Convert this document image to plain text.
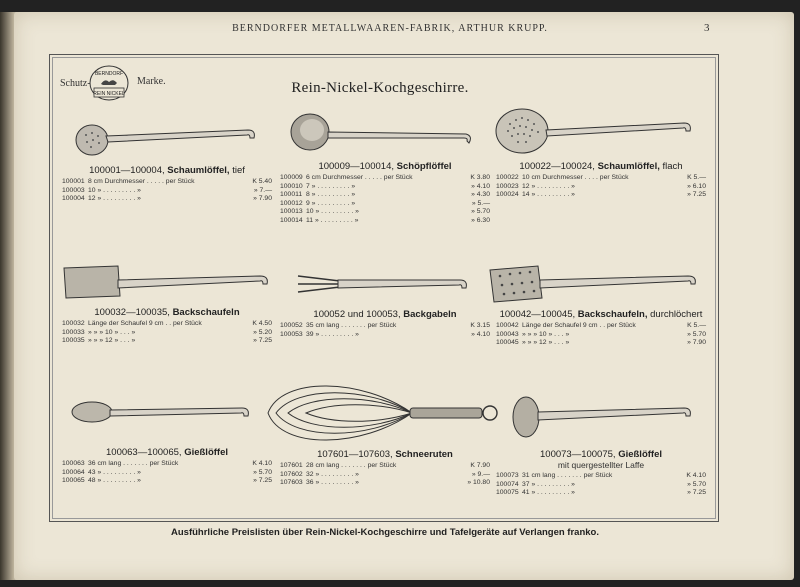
BERNDORFER METALLWAAREN-FABRIK, ARTHUR KRUPP.	3
Schutz-	Marke.
BERNDORF
REIN NICKEL	Rein-Nickel-Kochgeschirre.
100001—100004, Schaumlöffel, tief
100001 8 cm Durchmesser . . . . . per Stück	K 5.40
100003 10 » . . . . . . . . . »	» 7.—
100004 12 » . . . . . . . . . »	» 7.90
100009—100014, Schöpflöffel
100009 6 cm Durchmesser . . . . . per Stück	K 3.80
100010 7 » . . . . . . . . . »	» 4.10
100011 8 » . . . . . . . . . »	» 4.30
100012 9 » . . . . . . . . . »	» 5.—
100013 10 » . . . . . . . . . »	» 5.70
100014 11 » . . . . . . . . . »	» 6.30
100022—100024, Schaumlöffel, flach
100022 10 cm Durchmesser . . . . per Stück	K 5.—
100023 12 » . . . . . . . . . »	» 6.10
100024 14 » . . . . . . . . . »	» 7.25
100032—100035, Backschaufeln
100032 Länge der Schaufel 9 cm . . per Stück	K 4.50
100033 » » » 10 » . . . »	» 5.20
100035 » » » 12 » . . . »	» 7.25
100052 und 100053, Backgabeln
100052 35 cm lang . . . . . . . per Stück	K 3.15
100053 39 » . . . . . . . . . »	» 4.10
100042—100045, Backschaufeln, durchlöchert
100042 Länge der Schaufel 9 cm . . per Stück	K 5.—
100043 » » » 10 » . . . »	» 5.70
100045 » » » 12 » . . . »	» 7.90
100063—100065, Gießlöffel
100063 36 cm lang . . . . . . . per Stück	K 4.10
100064 43 » . . . . . . . . . »	» 5.70
100065 48 » . . . . . . . . . »	» 7.25
107601—107603, Schneeruten
107601 28 cm lang . . . . . . . per Stück	K 7.90
107602 32 » . . . . . . . . . »	» 9.—
107603 36 » . . . . . . . . . »	» 10.80
100073—100075, Gießlöffel
mit quergestellter Laffe
100073 31 cm lang . . . . . . . per Stück	K 4.10
100074 37 » . . . . . . . . . »	» 5.70
100075 41 » . . . . . . . . . »	» 7.25
Ausführliche Preislisten über Rein-Nickel-Kochgeschirre und Tafelgeräte auf Verlangen franko.
